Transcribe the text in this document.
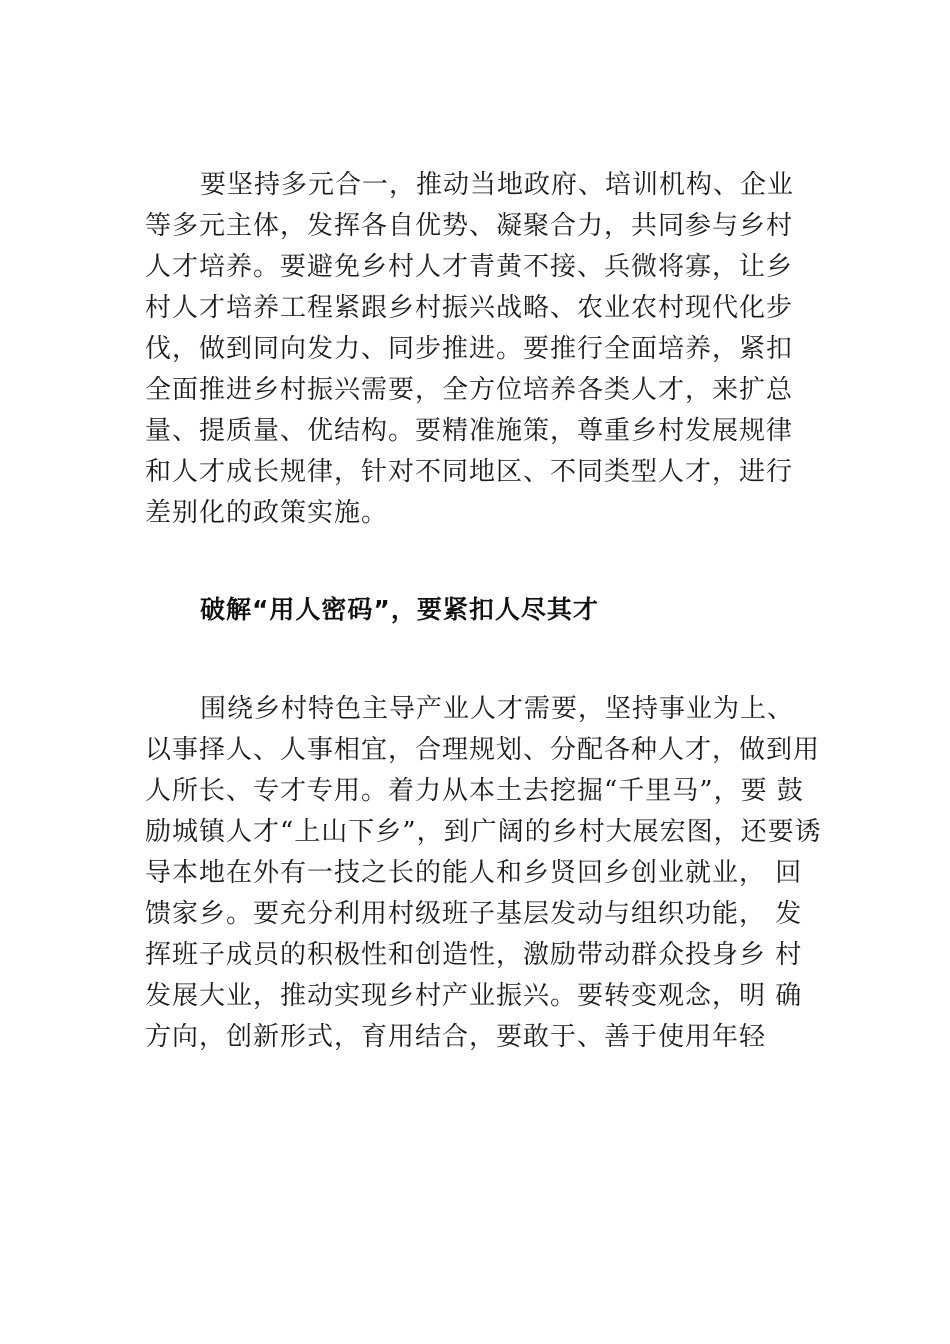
要坚持多元合一，推动当地政府、培训机构、企业

等多元主体，发挥各自优势、凝聚合力，共同参与乡村

人才培养。要避免乡村人才青黄不接、兵微将寡，让乡

村人才培养工程紧跟乡村振兴战略、农业农村现代化步

伐，做到同向发力、同步推进。要推行全面培养，紧扣

全面推进乡村振兴需要，全方位培养各类人才，来扩总

量、提质量、优结构。要精准施策，尊重乡村发展规律

和人才成长规律，针对不同地区、不同类型人才，进行

差别化的政策实施。

破解“用人密码”，要紧扣人尽其才

围绕乡村特色主导产业人才需要，坚持事业为上、

以事择人、人事相宜，合理规划、分配各种人才，做到用

人所长、专才专用。着力从本土去挖掘“千里马”，要 鼓

励城镇人才“上山下乡”，到广阔的乡村大展宏图，还要诱

导本地在外有一技之长的能人和乡贤回乡创业就业， 回

馈家乡。要充分利用村级班子基层发动与组织功能， 发

挥班子成员的积极性和创造性，激励带动群众投身乡 村

发展大业，推动实现乡村产业振兴。要转变观念，明 确

方向，创新形式，育用结合，要敢于、善于使用年轻
